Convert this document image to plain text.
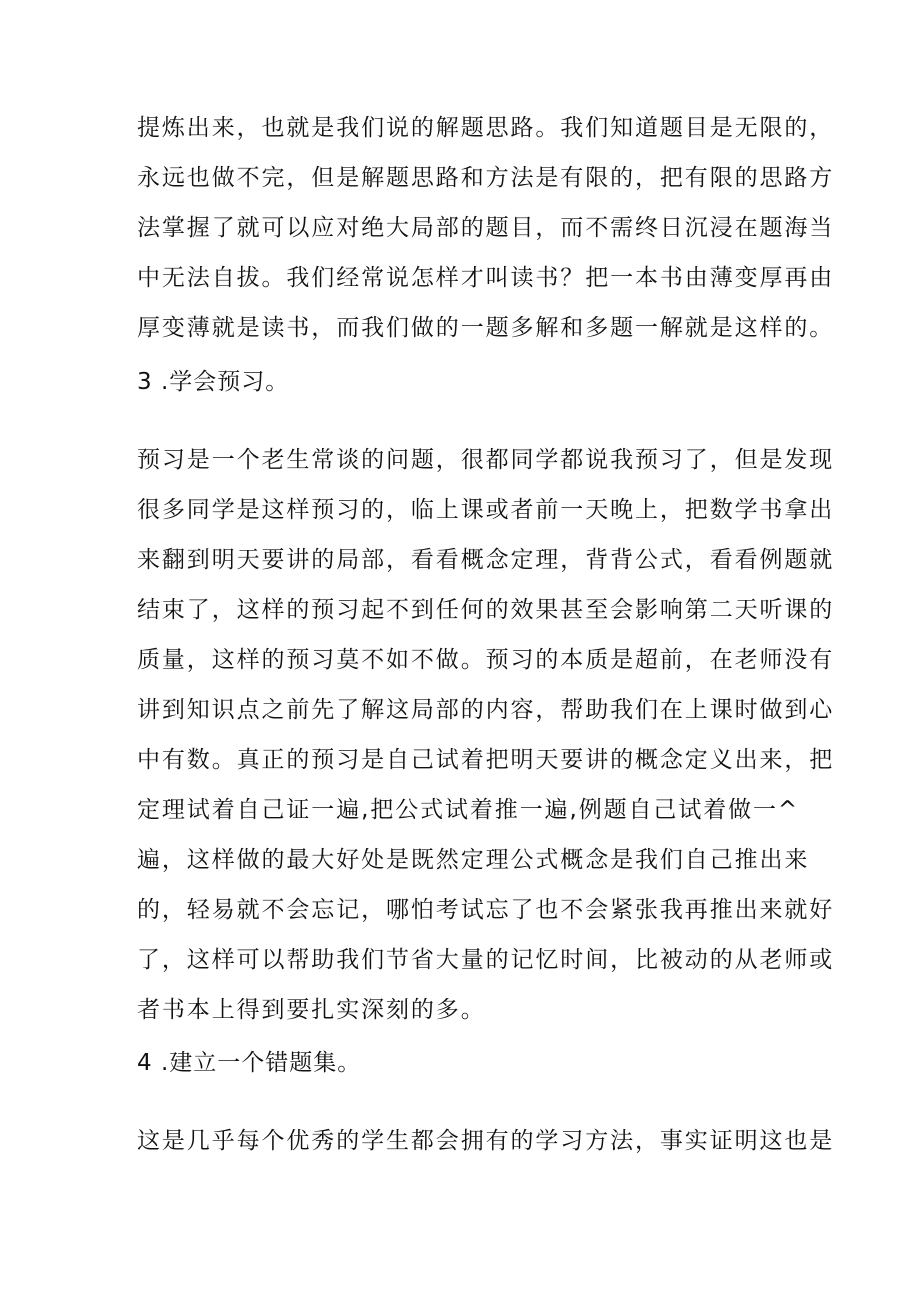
提炼出来，也就是我们说的解题思路。我们知道题目是无限的，
永远也做不完，但是解题思路和方法是有限的，把有限的思路方
法掌握了就可以应对绝大局部的题目，而不需终日沉浸在题海当
中无法自拔。我们经常说怎样才叫读书？把一本书由薄变厚再由
厚变薄就是读书，而我们做的一题多解和多题一解就是这样的。
3 .学会预习。
预习是一个老生常谈的问题，很都同学都说我预习了，但是发现
很多同学是这样预习的，临上课或者前一天晚上，把数学书拿出
来翻到明天要讲的局部，看看概念定理，背背公式，看看例题就
结束了，这样的预习起不到任何的效果甚至会影响第二天听课的
质量，这样的预习莫不如不做。预习的本质是超前，在老师没有
讲到知识点之前先了解这局部的内容，帮助我们在上课时做到心
中有数。真正的预习是自己试着把明天要讲的概念定义出来，把
定理试着自己证一遍,把公式试着推一遍,例题自己试着做一^
遍，这样做的最大好处是既然定理公式概念是我们自己推出来
的，轻易就不会忘记，哪怕考试忘了也不会紧张我再推出来就好
了，这样可以帮助我们节省大量的记忆时间，比被动的从老师或
者书本上得到要扎实深刻的多。
4 .建立一个错题集。
这是几乎每个优秀的学生都会拥有的学习方法，事实证明这也是
